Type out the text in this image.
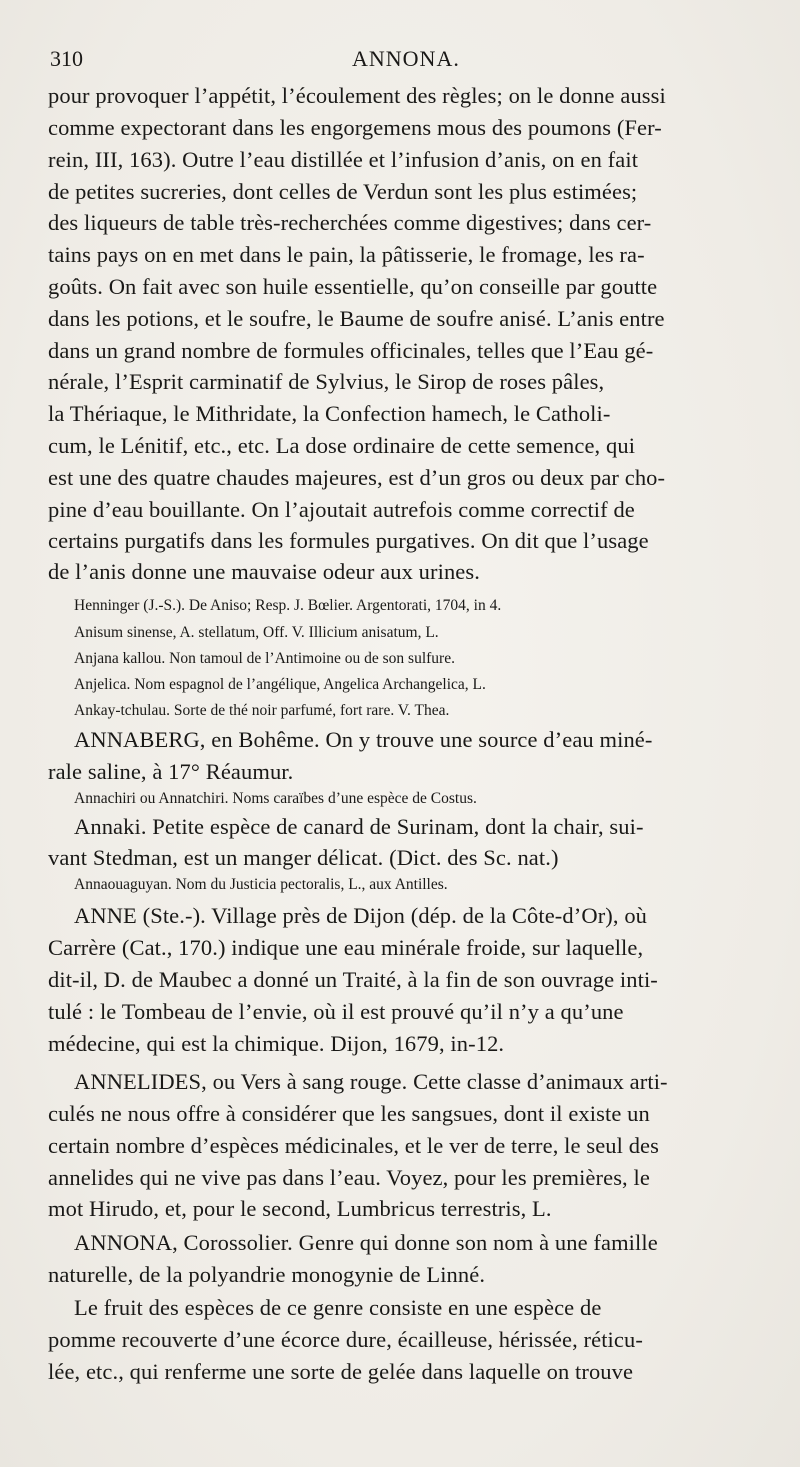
310	ANNONA.
pour provoquer l’appétit, l’écoulement des règles; on le donne aussi
comme expectorant dans les engorgemens mous des poumons (Fer-
rein, III, 163). Outre l’eau distillée et l’infusion d’anis, on en fait
de petites sucreries, dont celles de Verdun sont les plus estimées;
des liqueurs de table très-recherchées comme digestives; dans cer-
tains pays on en met dans le pain, la pâtisserie, le fromage, les ra-
goûts. On fait avec son huile essentielle, qu’on conseille par goutte
dans les potions, et le soufre, le Baume de soufre anisé. L’anis entre
dans un grand nombre de formules officinales, telles que l’Eau gé-
nérale, l’Esprit carminatif de Sylvius, le Sirop de roses pâles,
la Thériaque, le Mithridate, la Confection hamech, le Catholi-
cum, le Lénitif, etc., etc. La dose ordinaire de cette semence, qui
est une des quatre chaudes majeures, est d’un gros ou deux par cho-
pine d’eau bouillante. On l’ajoutait autrefois comme correctif de
certains purgatifs dans les formules purgatives. On dit que l’usage
de l’anis donne une mauvaise odeur aux urines.
Henninger (J.-S.). De Aniso; Resp. J. Bœlier. Argentorati, 1704, in 4.
Anisum sinense, A. stellatum, Off. V. Illicium anisatum, L.
Anjana kallou. Non tamoul de l’Antimoine ou de son sulfure.
Anjelica. Nom espagnol de l’angélique, Angelica Archangelica, L.
Ankay-tchulau. Sorte de thé noir parfumé, fort rare. V. Thea.
ANNABERG, en Bohême. On y trouve une source d’eau miné-
rale saline, à 17° Réaumur.
Annachiri ou Annatchiri. Noms caraïbes d’une espèce de Costus.
Annaki. Petite espèce de canard de Surinam, dont la chair, sui-
vant Stedman, est un manger délicat. (Dict. des Sc. nat.)
Annaouaguyan. Nom du Justicia pectoralis, L., aux Antilles.
ANNE (Ste.-). Village près de Dijon (dép. de la Côte-d’Or), où
Carrère (Cat., 170.) indique une eau minérale froide, sur laquelle,
dit-il, D. de Maubec a donné un Traité, à la fin de son ouvrage inti-
tulé : le Tombeau de l’envie, où il est prouvé qu’il n’y a qu’une
médecine, qui est la chimique. Dijon, 1679, in-12.
ANNELIDES, ou Vers à sang rouge. Cette classe d’animaux arti-
culés ne nous offre à considérer que les sangsues, dont il existe un
certain nombre d’espèces médicinales, et le ver de terre, le seul des
annelides qui ne vive pas dans l’eau. Voyez, pour les premières, le
mot Hirudo, et, pour le second, Lumbricus terrestris, L.
ANNONA, Corossolier. Genre qui donne son nom à une famille
naturelle, de la polyandrie monogynie de Linné.
Le fruit des espèces de ce genre consiste en une espèce de
pomme recouverte d’une écorce dure, écailleuse, hérissée, réticu-
lée, etc., qui renferme une sorte de gelée dans laquelle on trouve
